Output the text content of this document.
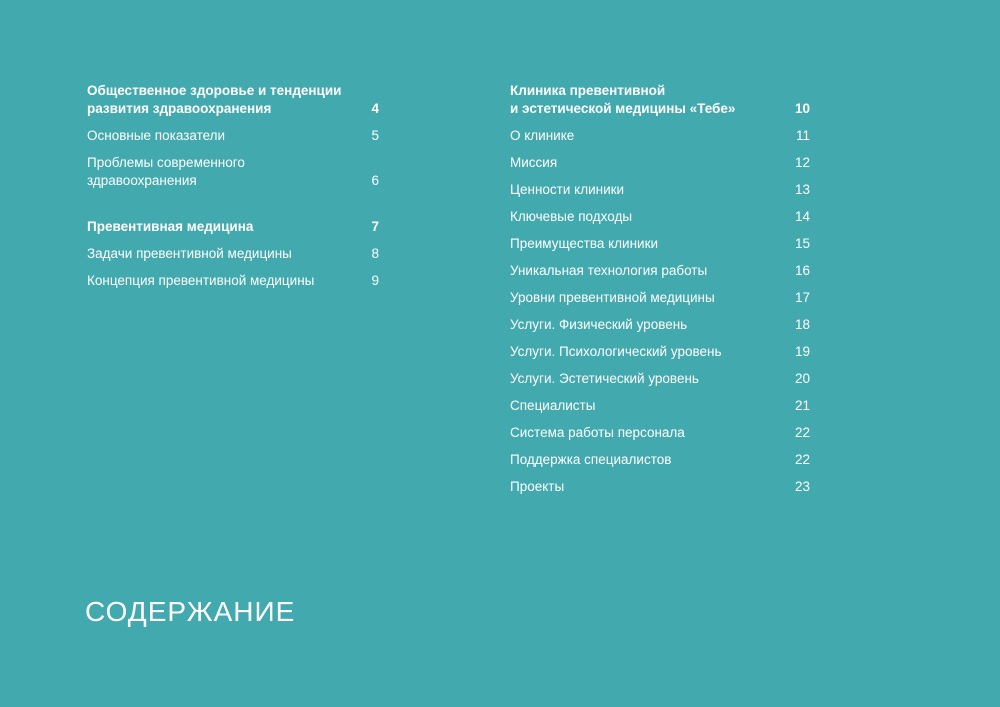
Общественное здоровье и тенденции
развития здравоохранения	4
Основные показатели	5
Проблемы современного
здравоохранения	6
Превентивная медицина	7
Задачи превентивной медицины	8
Концепция превентивной медицины	9
Клиника превентивной
и эстетической медицины «Тебе»	10
О клинике	11
Миссия	12
Ценности клиники	13
Ключевые подходы	14
Преимущества клиники	15
Уникальная технология работы	16
Уровни превентивной медицины	17
Услуги. Физический уровень	18
Услуги. Психологический уровень	19
Услуги. Эстетический уровень	20
Специалисты	21
Система работы персонала	22
Поддержка специалистов	22
Проекты	23
СОДЕРЖАНИЕ
